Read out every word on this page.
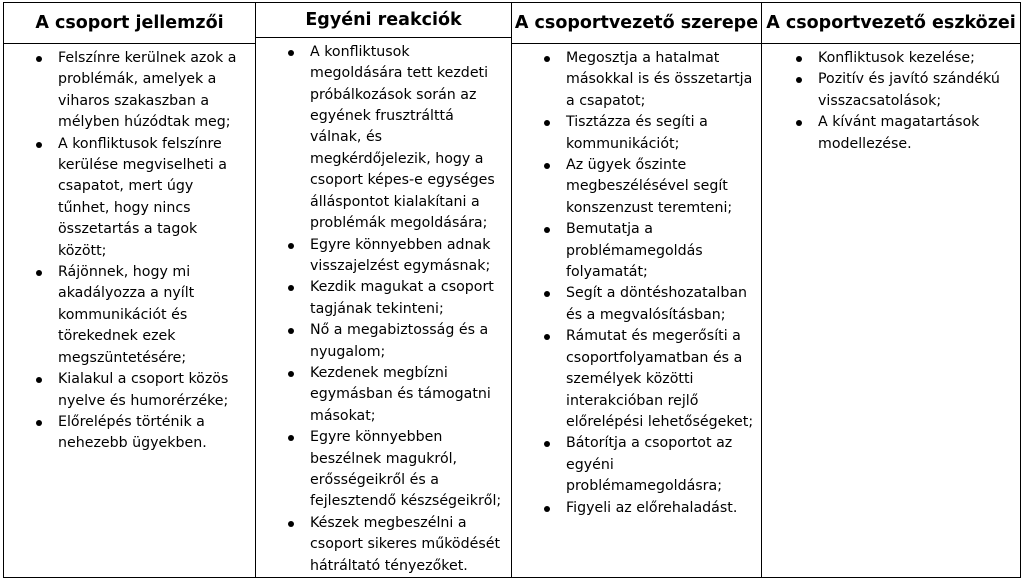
A csoport jellemzői
Felszínre kerülnek azok a problémák, amelyek a viharos szakaszban a mélyben húzódtak meg;
A konfliktusok felszínre kerülése megviselheti a csapatot, mert úgy tűnhet, hogy nincs összetartás a tagok között;
Rájönnek, hogy mi akadályozza a nyílt kommunikációt és törekednek ezek megszüntetésére;
Kialakul a csoport közös nyelve és humorérzéke;
Előrelépés történik a nehezebb ügyekben.
Egyéni reakciók
A konfliktusok megoldására tett kezdeti próbálkozások során az egyének frusztrálttá válnak, és megkérdőjelezik, hogy a csoport képes-e egységes álláspontot kialakítani a problémák megoldására;
Egyre könnyebben adnak visszajelzést egymásnak;
Kezdik magukat a csoport tagjának tekinteni;
Nő a megabiztosság és a nyugalom;
Kezdenek megbízni egymásban és támogatni másokat;
Egyre könnyebben beszélnek magukról, erősségeikről és a fejlesztendő készségeikről;
Készek megbeszélni a csoport sikeres működését hátráltató tényezőket.
A csoportvezető szerepe
Megosztja a hatalmat másokkal is és összetartja a csapatot;
Tisztázza és segíti a kommunikációt;
Az ügyek őszinte megbeszélésével segít konszenzust teremteni;
Bemutatja a problémamegoldás folyamatát;
Segít a döntéshozatalban és a megvalósításban;
Rámutat és megerősíti a csoportfolyamatban és a személyek közötti interakcióban rejlő előrelépési lehetőségeket;
Bátorítja a csoportot az egyéni problémamegoldásra;
Figyeli az előrehaladást.
A csoportvezető eszközei
Konfliktusok kezelése;
Pozitív és javító szándékú visszacsatolások;
A kívánt magatartások modellezése.
